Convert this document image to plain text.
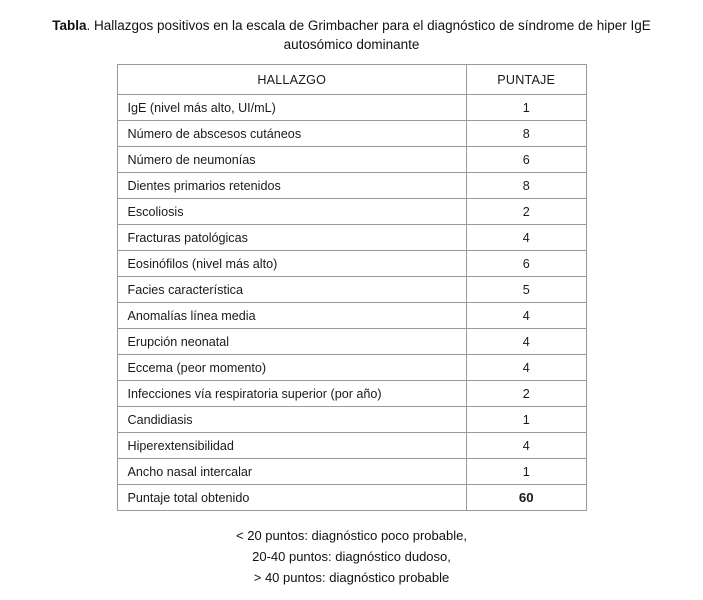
Tabla. Hallazgos positivos en la escala de Grimbacher para el diagnóstico de síndrome de hiper IgE autosómico dominante
HALLAZGO	PUNTAJE
IgE (nivel más alto, UI/mL)	1
Número de abscesos cutáneos	8
Número de neumonías	6
Dientes primarios retenidos	8
Escoliosis	2
Fracturas patológicas	4
Eosinófilos (nivel más alto)	6
Facies característica	5
Anomalías línea media	4
Erupción neonatal	4
Eccema (peor momento)	4
Infecciones vía respiratoria superior (por año)	2
Candidiasis	1
Hiperextensibilidad	4
Ancho nasal intercalar	1
Puntaje total obtenido	60
< 20 puntos: diagnóstico poco probable,
20-40 puntos: diagnóstico dudoso,
> 40 puntos: diagnóstico probable
